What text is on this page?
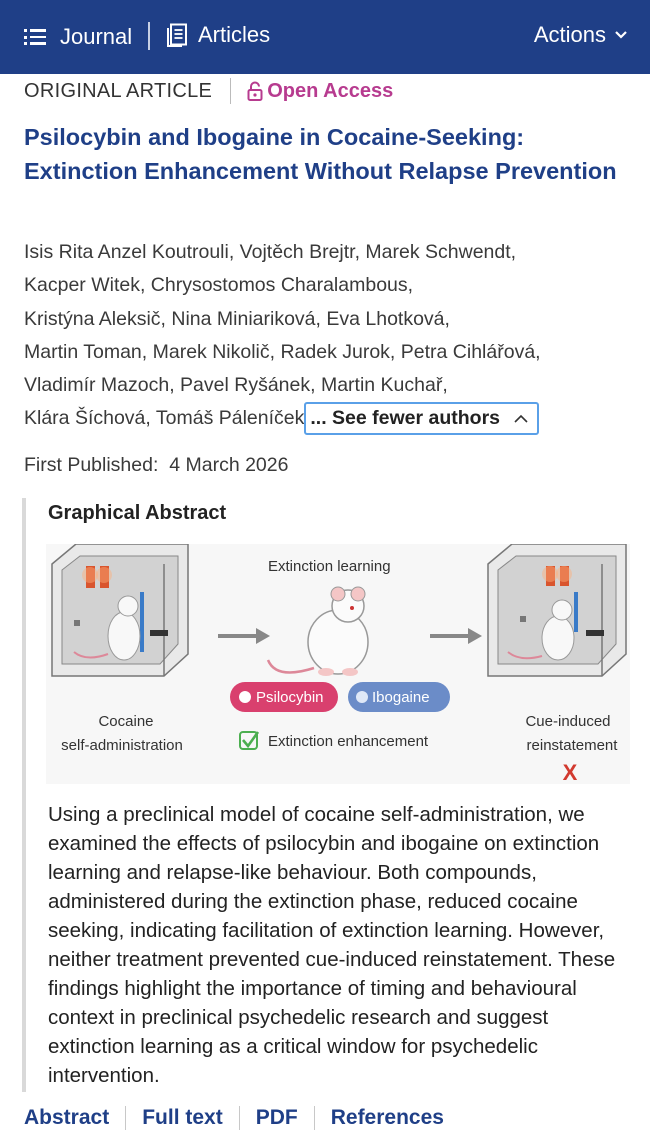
Journal	Articles	Actions
ORIGINAL ARTICLE	Open Access
Psilocybin and Ibogaine in Cocaine-Seeking: Extinction Enhancement Without Relapse Prevention
Isis Rita Anzel Koutrouli, Vojtěch Brejtr, Marek Schwendt,
Kacper Witek, Chrysostomos Charalambous,
Kristýna Aleksič, Nina Miniariková, Eva Lhotková,
Martin Toman, Marek Nikolič, Radek Jurok, Petra Cihlářová,
Vladimír Mazoch, Pavel Ryšánek, Martin Kuchař,
Klára Šíchová, Tomáš Páleníček ... See fewer authors
First Published: 4 March 2026
Graphical Abstract
Extinction learning
Cocaine
self-administration
Psilocybin	Ibogaine
Extinction enhancement
Cue-induced
reinstatement
X
Using a preclinical model of cocaine self-administration, we examined the effects of psilocybin and ibogaine on extinction learning and relapse-like behaviour. Both compounds, administered during the extinction phase, reduced cocaine seeking, indicating facilitation of extinction learning. However, neither treatment prevented cue-induced reinstatement. These findings highlight the importance of timing and behavioural context in preclinical psychedelic research and suggest extinction learning as a critical window for psychedelic intervention.
Abstract Full text PDF References
